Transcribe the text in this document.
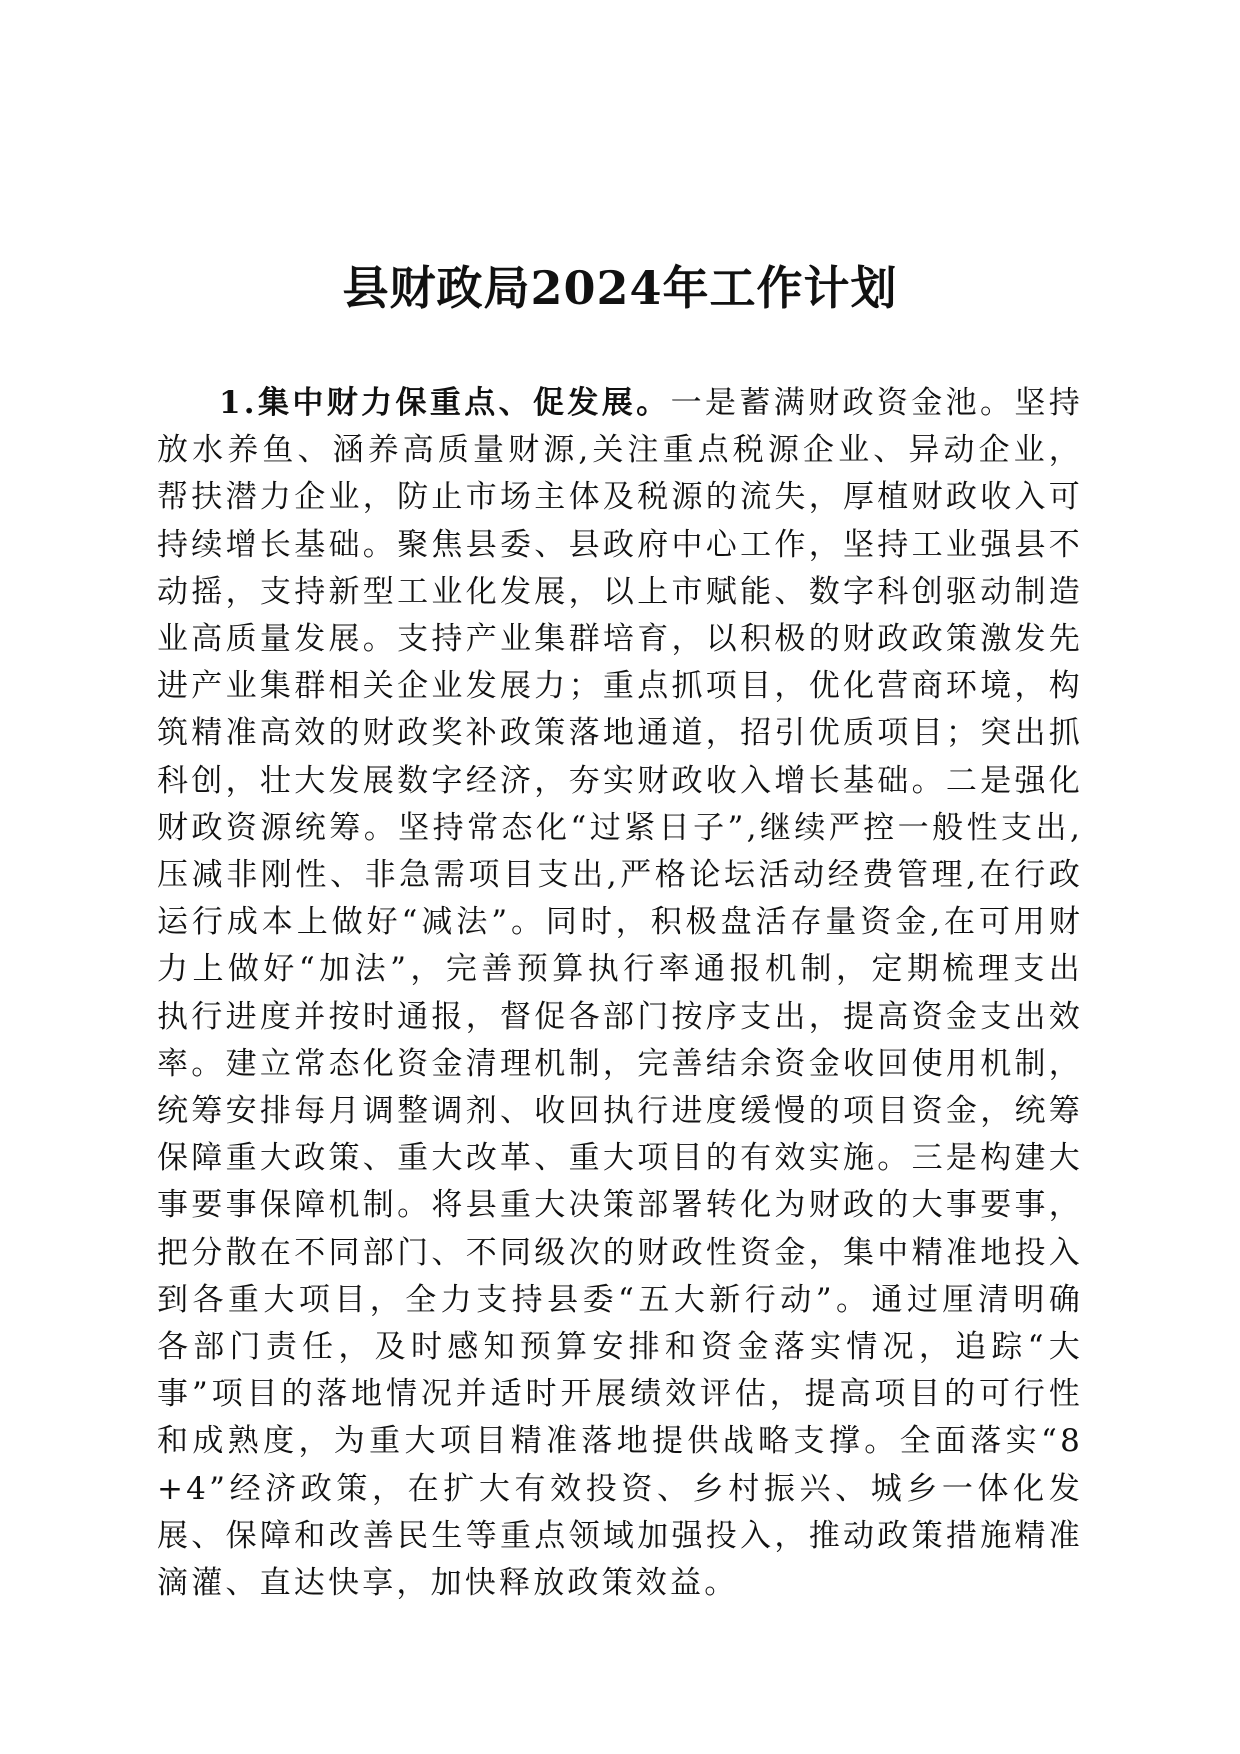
县财政局2024年工作计划

1.集中财力保重点、促发展。一是蓄满财政资金池。坚持放水养鱼、涵养高质量财源,关注重点税源企业、异动企业，帮扶潜力企业，防止市场主体及税源的流失，厚植财政收入可持续增长基础。聚焦县委、县政府中心工作，坚持工业强县不动摇，支持新型工业化发展，以上市赋能、数字科创驱动制造业高质量发展。支持产业集群培育，以积极的财政政策激发先进产业集群相关企业发展力；重点抓项目，优化营商环境，构筑精准高效的财政奖补政策落地通道，招引优质项目；突出抓科创，壮大发展数字经济，夯实财政收入增长基础。二是强化财政资源统筹。坚持常态化“过紧日子”,继续严控一般性支出,压减非刚性、非急需项目支出,严格论坛活动经费管理,在行政运行成本上做好“减法”。同时，积极盘活存量资金,在可用财力上做好“加法”，完善预算执行率通报机制，定期梳理支出执行进度并按时通报，督促各部门按序支出，提高资金支出效率。建立常态化资金清理机制，完善结余资金收回使用机制，统筹安排每月调整调剂、收回执行进度缓慢的项目资金，统筹保障重大政策、重大改革、重大项目的有效实施。三是构建大事要事保障机制。将县重大决策部署转化为财政的大事要事，把分散在不同部门、不同级次的财政性资金，集中精准地投入到各重大项目，全力支持县委“五大新行动”。通过厘清明确各部门责任，及时感知预算安排和资金落实情况，追踪“大事”项目的落地情况并适时开展绩效评估，提高项目的可行性和成熟度，为重大项目精准落地提供战略支撑。全面落实“8+4”经济政策，在扩大有效投资、乡村振兴、城乡一体化发展、保障和改善民生等重点领域加强投入，推动政策措施精准滴灌、直达快享，加快释放政策效益。
